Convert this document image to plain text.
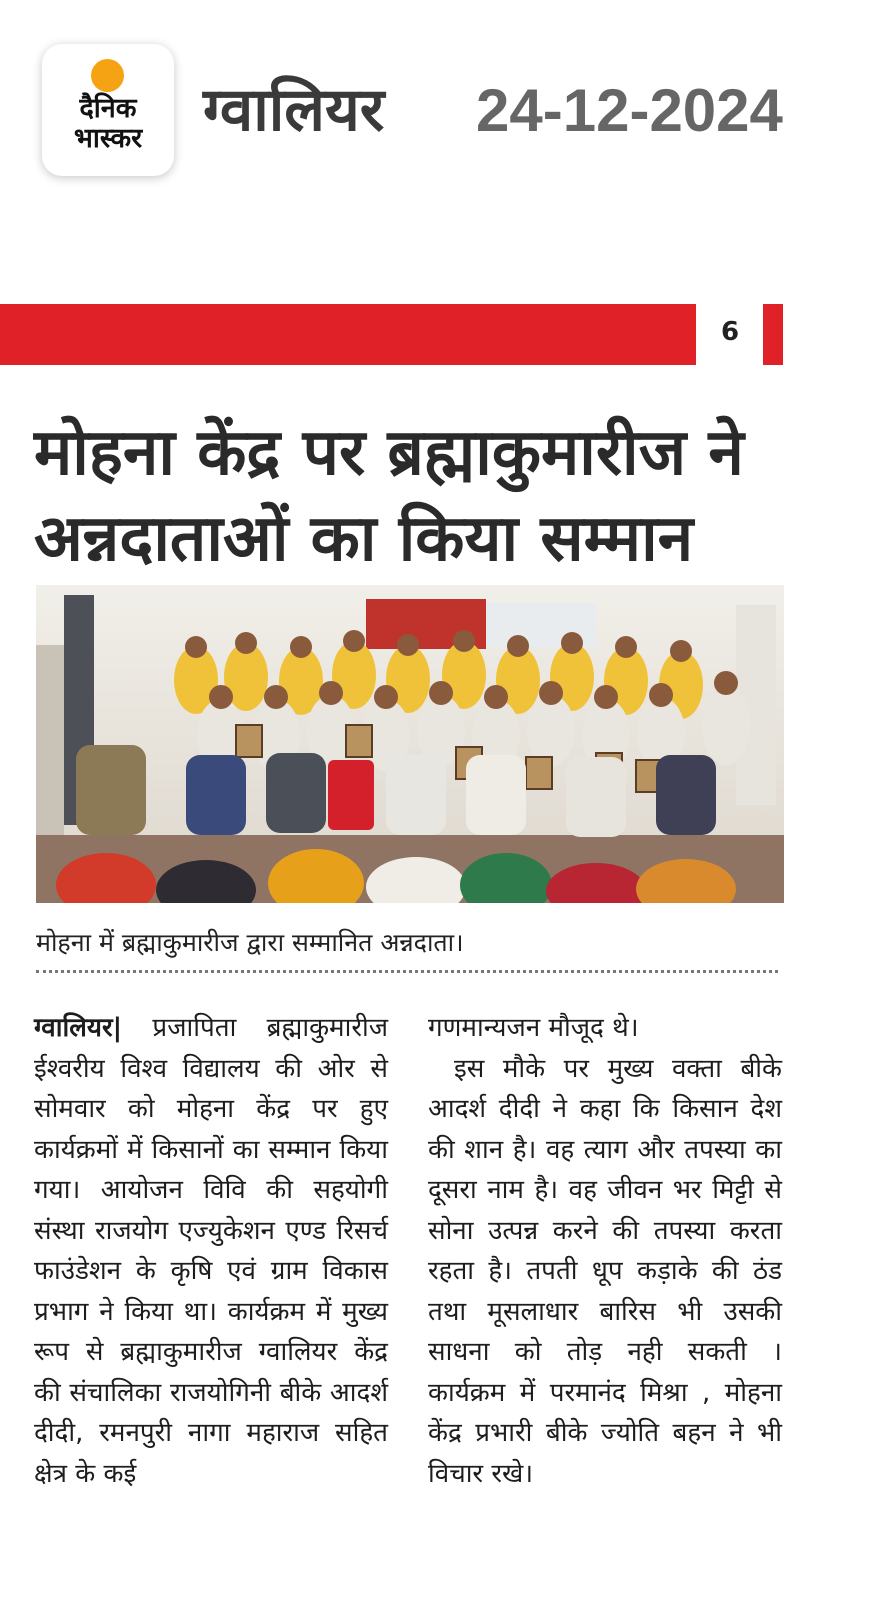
दैनिक
भास्कर	ग्वालियर 24-12-2024
6
मोहना केंद्र पर ब्रह्माकुमारीज ने
अन्नदाताओं का किया सम्मान
मोहना में ब्रह्माकुमारीज द्वारा सम्मानित अन्नदाता।

ग्वालियर| प्रजापिता ब्रह्माकुमारीज ईश्वरीय विश्व विद्यालय की ओर से सोमवार को मोहना केंद्र पर हुए कार्यक्रमों में किसानों का सम्मान किया गया। आयोजन विवि की सहयोगी संस्था राजयोग एज्युकेशन एण्ड रिसर्च फाउंडेशन के कृषि एवं ग्राम विकास प्रभाग ने किया था। कार्यक्रम में मुख्य रूप से ब्रह्माकुमारीज ग्वालियर केंद्र की संचालिका राजयोगिनी बीके आदर्श दीदी, रमनपुरी नागा महाराज सहित क्षेत्र के कई

गणमान्यजन मौजूद थे।

इस मौके पर मुख्य वक्ता बीके आदर्श दीदी ने कहा कि किसान देश की शान है। वह त्याग और तपस्या का दूसरा नाम है। वह जीवन भर मिट्टी से सोना उत्पन्न करने की तपस्या करता रहता है। तपती धूप कड़ाके की ठंड तथा मूसलाधार बारिस भी उसकी साधना को तोड़ नही सकती । कार्यक्रम में परमानंद मिश्रा , मोहना केंद्र प्रभारी बीके ज्योति बहन ने भी विचार रखे।
